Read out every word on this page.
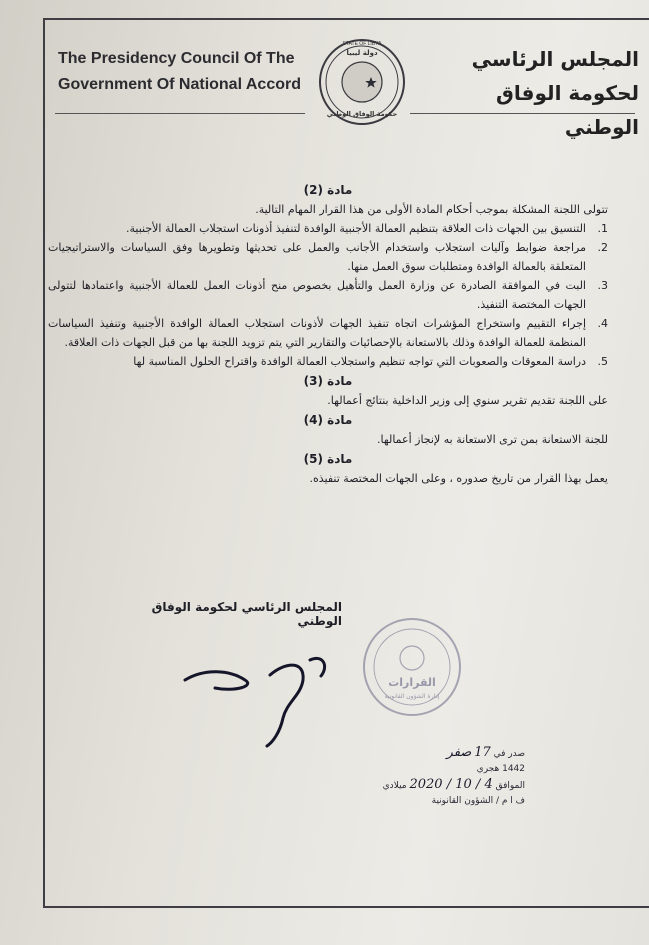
The Presidency Council Of The
Government Of National Accord
STATE OF LIBYA
دولة ليبيا
حكومة الوفاق الوطني
المجلس الرئاسي
لحكومة الوفاق الوطني

مادة (2)

تتولى اللجنة المشكلة بموجب أحكام المادة الأولى من هذا القرار المهام التالية.

1.
التنسيق بين الجهات ذات العلاقة بتنظيم العمالة الأجنبية الوافدة لتنفيذ أذونات استجلاب العمالة الأجنبية.
2.
مراجعة ضوابط وآليات استجلاب واستخدام الأجانب والعمل على تحديثها وتطويرها وفق السياسات والاستراتيجيات المتعلقة بالعمالة الوافدة ومتطلبات سوق العمل منها.
3.
البت في الموافقة الصادرة عن وزارة العمل والتأهيل بخصوص منح أذونات العمل للعمالة الأجنبية واعتمادها لتتولى الجهات المختصة التنفيذ.
4.
إجراء التقييم واستخراج المؤشرات اتجاه تنفيذ الجهات لأذونات استجلاب العمالة الوافدة الأجنبية وتنفيذ السياسات المنظمة للعمالة الوافدة وذلك بالاستعانة بالإحصائيات والتقارير التي يتم تزويد اللجنة بها من قبل الجهات ذات العلاقة.
5.
دراسة المعوقات والصعوبات التي تواجه تنظيم واستجلاب العمالة الوافدة واقتراح الحلول المناسبة لها

مادة (3)

على اللجنة تقديم تقرير سنوي إلى وزير الداخلية بنتائج أعمالها.

مادة (4)

للجنة الاستعانة بمن ترى الاستعانة به لإنجاز أعمالها.

مادة (5)

يعمل بهذا القرار من تاريخ صدوره ، وعلى الجهات المختصة تنفيذه.

المجلس الرئاسي لحكومة الوفاق الوطني
القرارات
إدارة الشؤون القانونية
صدر في 17 صفر
1442 هجري
الموافق 4 / 10 / 2020 ميلادي
ف ا م / الشؤون القانونية
